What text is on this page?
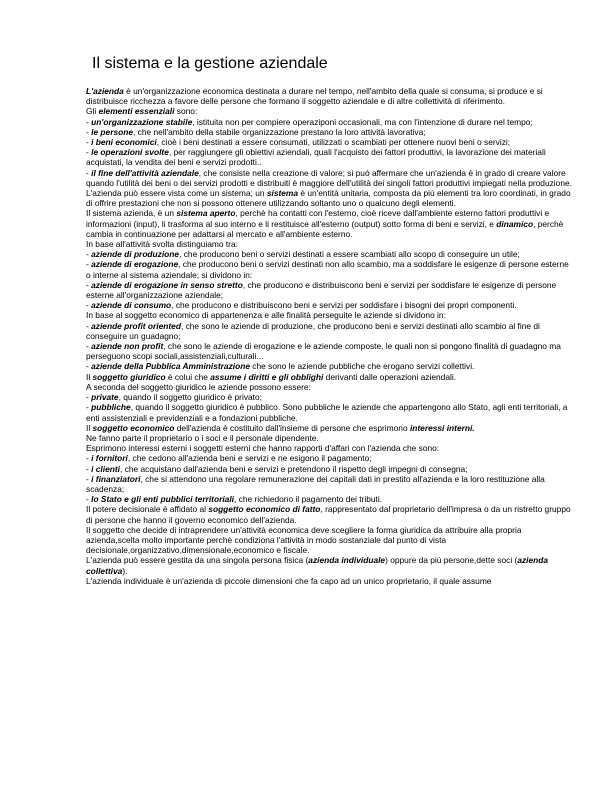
Il sistema e la gestione aziendale

L'azienda è un'organizzazione economica destinata a durare nel tempo, nell'ambito della quale si consuma, si produce e si distribuisce ricchezza a favore delle persone che formano il soggetto aziendale e di altre collettività di riferimento.

Gli elementi essenziali sono:

- un'organizzazione stabile, istituita non per compiere operaziponi occasionali, ma con l'intenzione di durare nel tempo;

- le persone, che nell'ambito della stabile organizzazione prestano la loro attività lavorativa;

- i beni economici, cioè i beni destinati a essere consumati, utilizzati o scambiati per ottenere nuovi beni o servizi;

- le operazioni svolte, per raggiungere gli obiettivi aziendali, quali l'acquisto dei fattori produttivi, la lavorazione dei materiali acquistati, la vendita dei beni e servizi prodotti..

- il fine dell'attività aziendale, che consiste nella creazione di valore; si può affermare che un'azienda è in grado di creare valore quando l'utilità dei beni o dei servizi prodotti e distribuiti è maggiore dell'utilità dei singoli fattori produttivi impiegati nella produzione.

L'azienda può essere vista come un sistema; un sistema è un'entità unitaria, composta da più elementi tra loro coordinati, in grado di offrire prestazioni che non si possono ottenere utilizzando soltanto uno o qualcuno degli elementi.

Il sistema azienda, è un sistema aperto, perchè ha contatti con l'esterno, cioè riceve dall'ambiente esterno fattori produttivi e informazioni (input), li trasforma al suo interno e li restituisce all'esterno (output) sotto forma di beni e servizi, e dinamico, perchè cambia in continuazione per adattarsi al mercato e all'ambiente esterno.

In base all'attività svolta distinguiamo tra:

- aziende di produzione, che producono beni o servizi destinati a essere scambiati allo scopo di conseguire un utile;

- aziende di erogazione, che producono beni o servizi destinati non allo scambio, ma a soddisfare le esigenze di persone esterne o interne al sistema aziendale; si dividono in:

- aziende di erogazione in senso stretto, che producono e distribuiscono beni e servizi per soddisfare le esigenze di persone esterne all'organizzazione aziendale;

- aziende di consumo, che producono e distribuiscono beni e servizi per soddisfare i bisogni dei propri componenti.

In base al soggetto economico di appartenenza e alle finalità perseguite le aziende si dividono in:

- aziende profit oriented, che sono le aziende di produzione, che producono beni e servizi destinati allo scambio al fine di conseguire un guadagno;

- aziende non profit, che sono le aziende di erogazione e le aziende composte, le quali non si pongono finalità di guadagno ma perseguono scopi sociali,assistenziali,culturali...

- aziende della Pubblica Amministrazione che sono le aziende pubbliche che erogano servizi collettivi.

Il soggetto giuridico è colui che assume i diritti e gli obblighi derivanti dalle operazioni aziendali.

A seconda del soggetto giuridico le aziende possono essere:

- private, quando il soggetto giuridico è privato;

- pubbliche, quando il soggetto giuridico è pubblico. Sono pubbliche le aziende che appartengono allo Stato, agli enti territoriali, a enti assistenziali e previdenziali e a fondazioni pubbliche.

Il soggetto economico dell'azienda è costituito dall'insieme di persone che esprimono interessi interni.

Ne fanno parte il proprietario o i soci e il personale dipendente.

Esprimono interessi esterni i soggetti esterni che hanno rapporti d'affari con l'azienda che sono:

- i fornitori, che cedono all'azienda beni e servizi e ne esigono il pagamento;

- i clienti, che acquistano dall'azienda beni e servizi e pretendono il rispetto degli impegni di consegna;

- i finanziatori, che si attendono una regolare remunerazione dei capitali dati in prestito all'azienda e la loro restituzione alla scadenza;

- lo Stato e gli enti pubblici territoriali, che richiedono il pagamento dei tributi.

Il potere decisionale è affidato al soggetto economico di fatto, rappresentato dal proprietario dell'impresa o da un ristretto gruppo di persone che hanno il governo economico dell'azienda.

Il soggetto che decide di intraprendere un'attività economica deve scegliere la forma giuridica da attribuire alla propria azienda,scelta molto importante perchè condiziona l'attività in modo sostanziale dal punto di vista decisionale,organizzativo,dimensionale,economico e fiscale.

L'azienda può essere gestita da una singola persona fisica (azienda individuale) oppure da più persone,dette soci (azienda collettiva).

L'azienda individuale è un'azienda di piccole dimensioni che fa capo ad un unico proprietario, il quale assume
